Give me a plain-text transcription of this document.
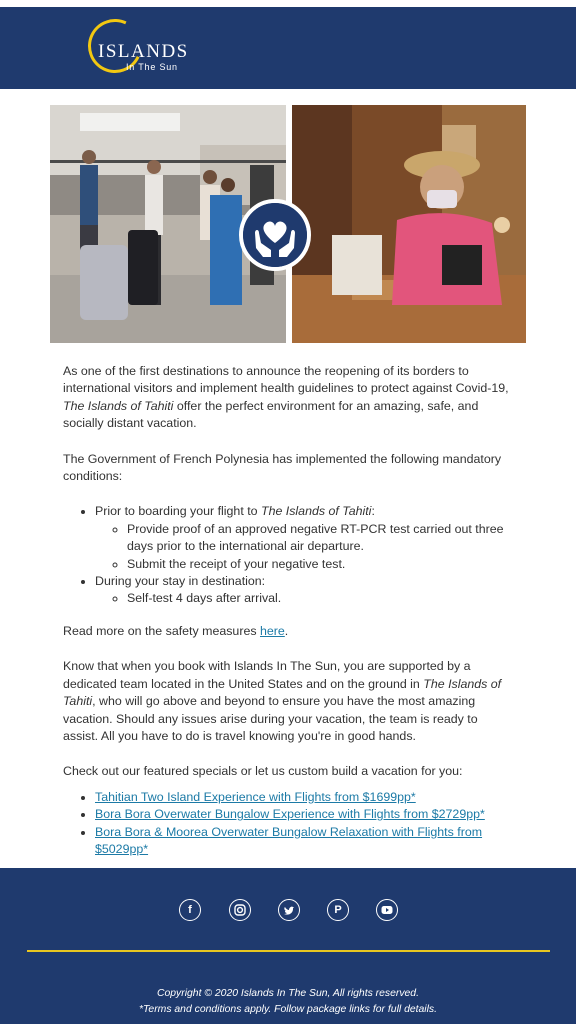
ISLANDS
In The Sun

As one of the first destinations to announce the reopening of its borders to international visitors and implement health guidelines to protect against Covid-19, The Islands of Tahiti offer the perfect environment for an amazing, safe, and socially distant vacation.

The Government of French Polynesia has implemented the following mandatory conditions:

• Prior to boarding your flight to The Islands of Tahiti:
◦ Provide proof of an approved negative RT-PCR test carried out three days prior to the international air departure.
◦ Submit the receipt of your negative test.
• During your stay in destination:
◦ Self-test 4 days after arrival.

Read more on the safety measures here.

Know that when you book with Islands In The Sun, you are supported by a dedicated team located in the United States and on the ground in The Islands of Tahiti, who will go above and beyond to ensure you have the most amazing vacation. Should any issues arise during your vacation, the team is ready to assist. All you have to do is travel knowing you're in good hands.

Check out our featured specials or let us custom build a vacation for you:

• Tahitian Two Island Experience with Flights from $1699pp*
• Bora Bora Overwater Bungalow Experience with Flights from $2729pp*
• Bora Bora & Moorea Overwater Bungalow Relaxation with Flights from $5029pp*
f	P
Copyright © 2020 Islands In The Sun, All rights reserved.
*Terms and conditions apply. Follow package links for full details.
